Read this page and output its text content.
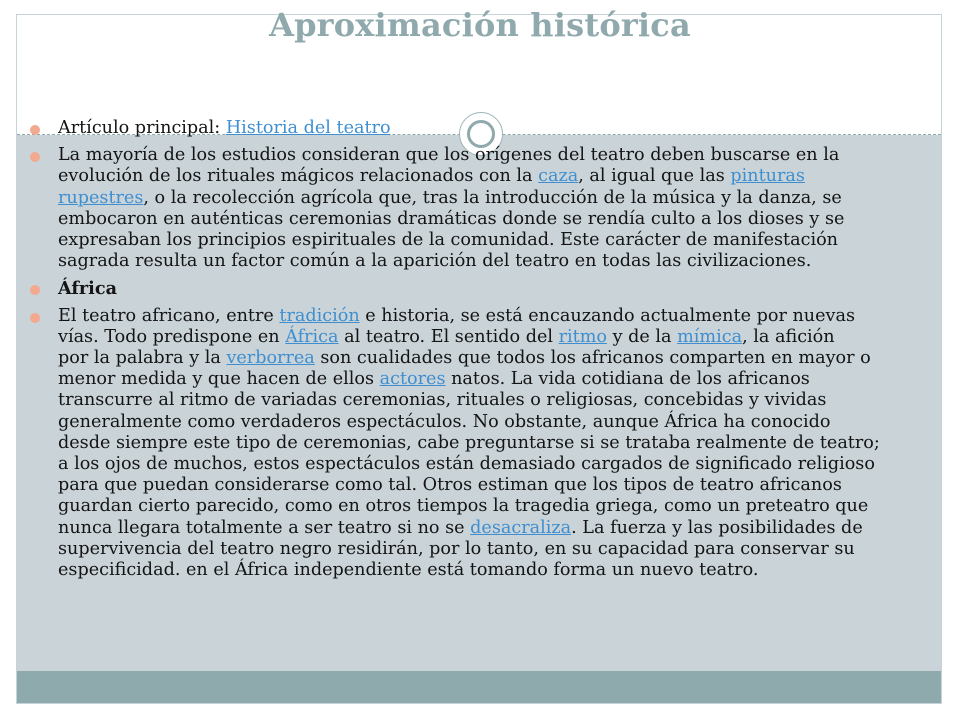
Aproximación histórica
Artículo principal: Historia del teatro
La mayoría de los estudios consideran que los orígenes del teatro deben buscarse en la
evolución de los rituales mágicos relacionados con la caza, al igual que las pinturas
rupestres, o la recolección agrícola que, tras la introducción de la música y la danza, se
embocaron en auténticas ceremonias dramáticas donde se rendía culto a los dioses y se
expresaban los principios espirituales de la comunidad. Este carácter de manifestación
sagrada resulta un factor común a la aparición del teatro en todas las civilizaciones.
África
El teatro africano, entre tradición e historia, se está encauzando actualmente por nuevas
vías. Todo predispone en África al teatro. El sentido del ritmo y de la mímica, la afición
por la palabra y la verborrea son cualidades que todos los africanos comparten en mayor o
menor medida y que hacen de ellos actores natos. La vida cotidiana de los africanos
transcurre al ritmo de variadas ceremonias, rituales o religiosas, concebidas y vividas
generalmente como verdaderos espectáculos. No obstante, aunque África ha conocido
desde siempre este tipo de ceremonias, cabe preguntarse si se trataba realmente de teatro;
a los ojos de muchos, estos espectáculos están demasiado cargados de significado religioso
para que puedan considerarse como tal. Otros estiman que los tipos de teatro africanos
guardan cierto parecido, como en otros tiempos la tragedia griega, como un preteatro que
nunca llegara totalmente a ser teatro si no se desacraliza. La fuerza y las posibilidades de
supervivencia del teatro negro residirán, por lo tanto, en su capacidad para conservar su
especificidad. en el África independiente está tomando forma un nuevo teatro.
